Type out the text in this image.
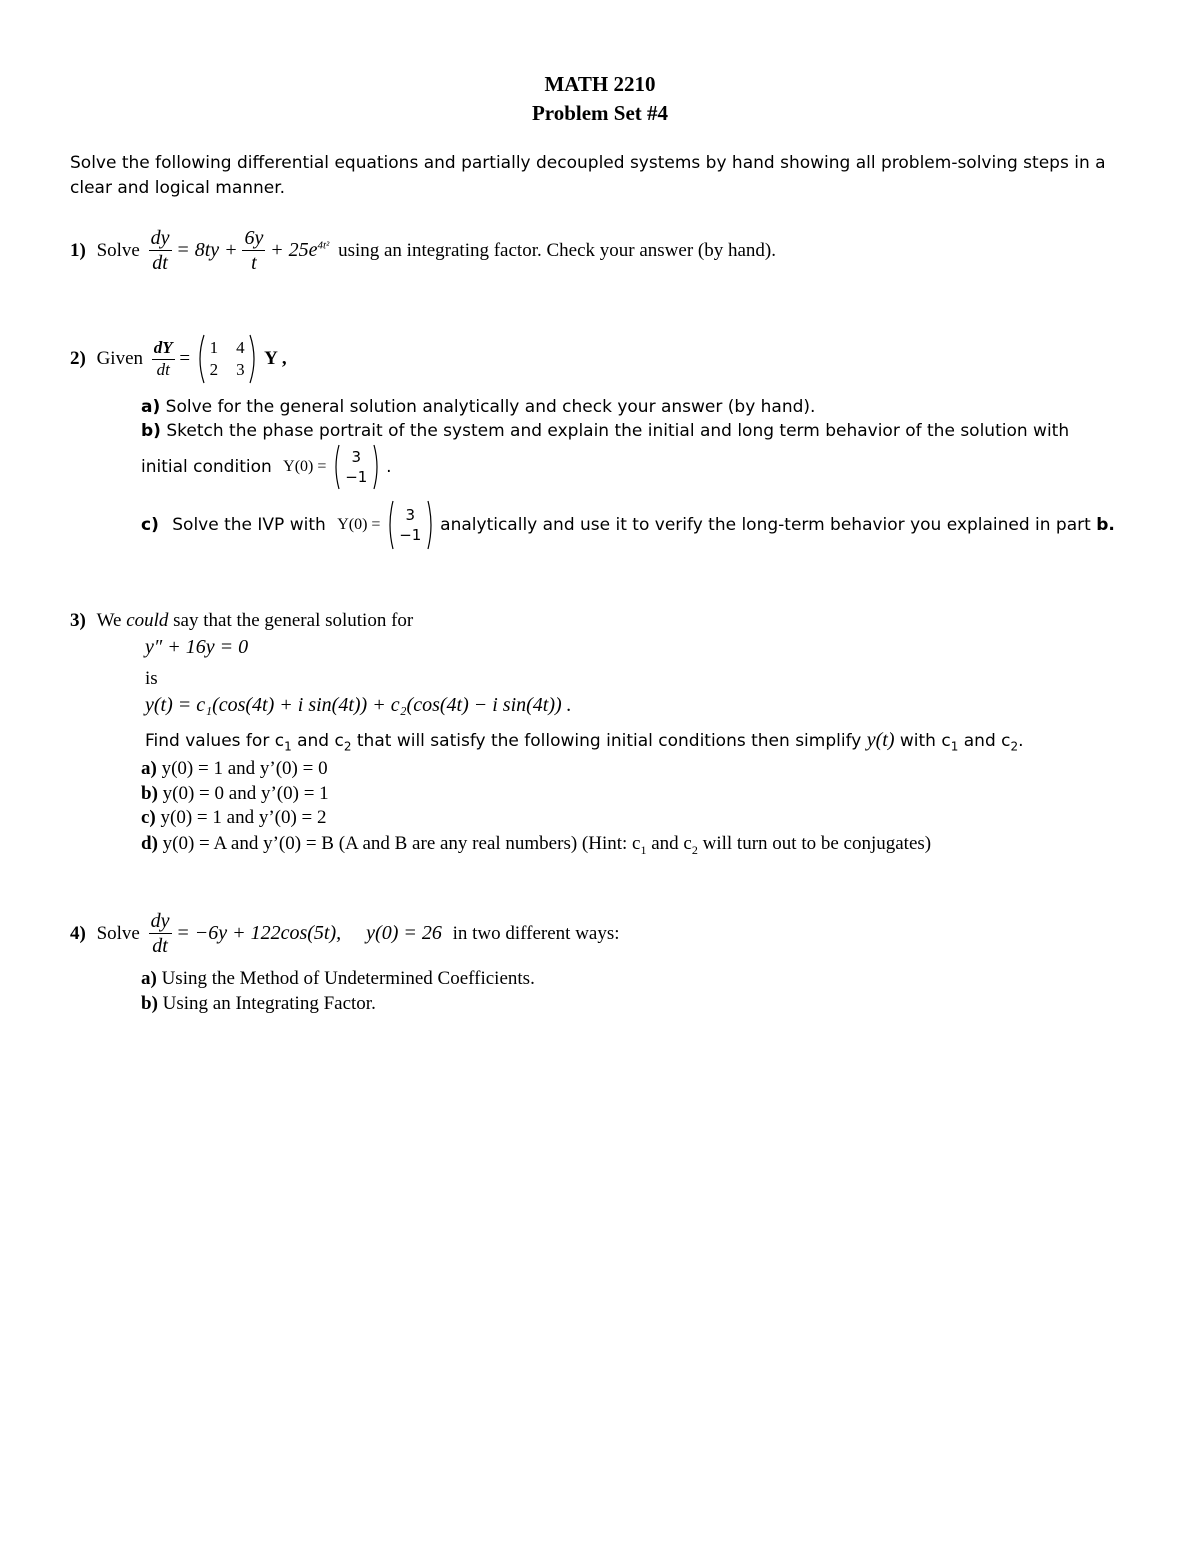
MATH 2210
Problem Set #4
Solve the following differential equations and partially decoupled systems by hand showing all problem-solving steps in a
clear and logical manner.
1) Solve $\frac{dy}{dt} = 8ty + \frac{6y}{t} + 25e^{4t^2}$ using an integrating factor. Check your answer (by hand).
2) Given $\frac{dY}{dt}$ =
1 4
2 3
Y ,
a) Solve for the general solution analytically and check your answer (by hand).
b) Sketch the phase portrait of the system and explain the initial and long term behavior of the solution with
initial condition Y(0) =
3
−1 .
c) Solve the IVP with Y(0) =
3
−1 analytically and use it to verify the long-term behavior you explained in part b.
3) We could say that the general solution for
y″ + 16y = 0
is
y(t) = c₁(cos(4t) + i sin(4t)) + c₂(cos(4t) − i sin(4t)) .
Find values for $c_1$ and $c_2$ that will satisfy the following initial conditions then simplify y(t) with $c_1$ and $c_2$.
a) y(0) = 1 and y’(0) = 0
b) y(0) = 0 and y’(0) = 1
c) y(0) = 1 and y’(0) = 2
d) y(0) = A and y’(0) = B (A and B are any real numbers) (Hint: $c_1$ and $c_2$ will turn out to be conjugates)
4) Solve $\frac{dy}{dt} = -6y + 122\cos(5t)$,     y(0) = 26 in two different ways:
a) Using the Method of Undetermined Coefficients.
b) Using an Integrating Factor.
